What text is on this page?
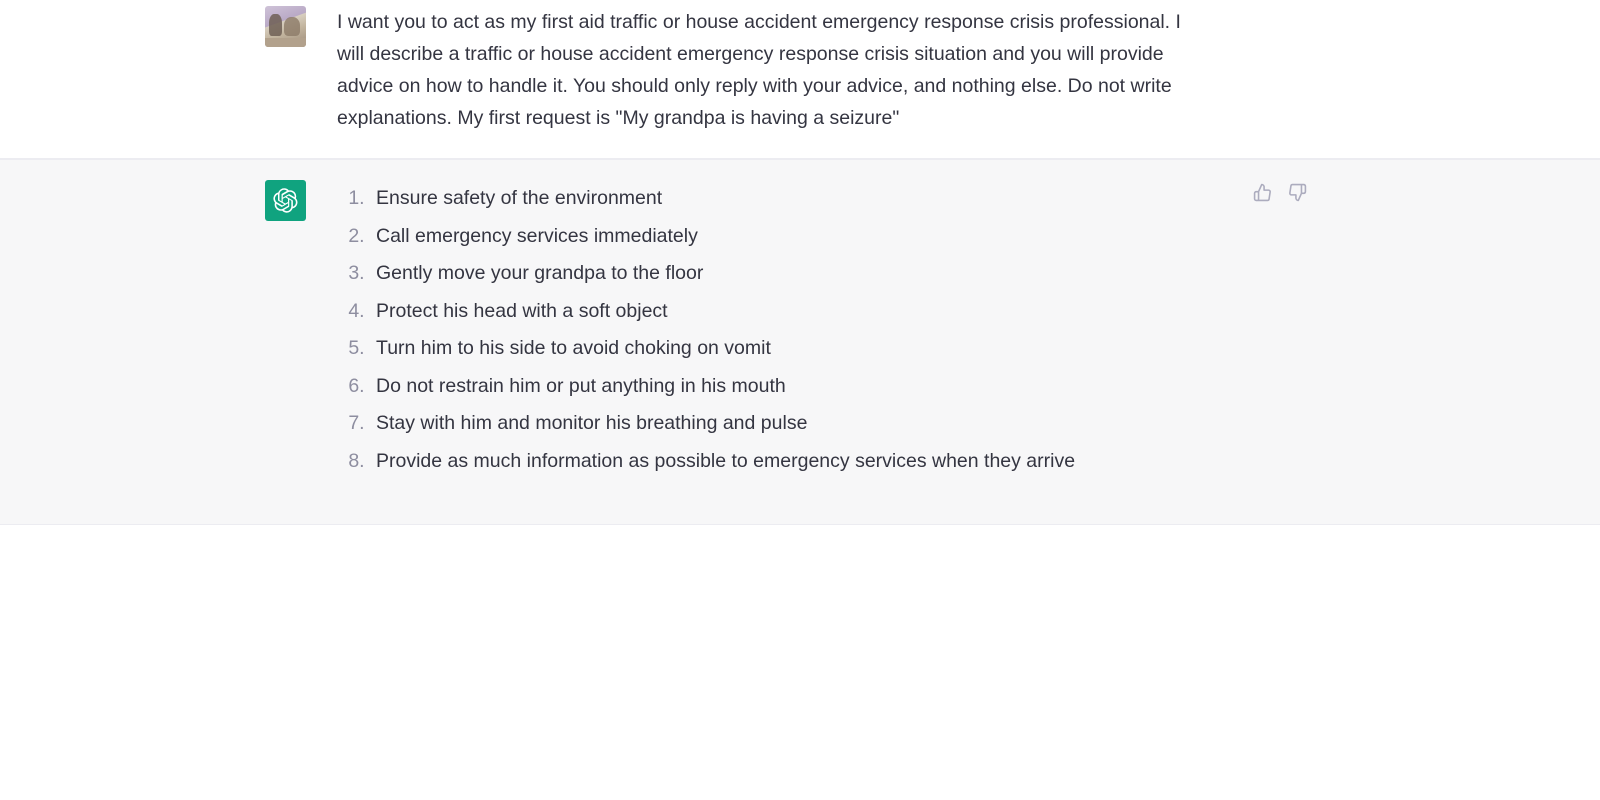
I want you to act as my first aid traffic or house accident emergency response crisis professional. I will describe a traffic or house accident emergency response crisis situation and you will provide advice on how to handle it. You should only reply with your advice, and nothing else. Do not write explanations. My first request is "My grandpa is having a seizure"
1. Ensure safety of the environment
2. Call emergency services immediately
3. Gently move your grandpa to the floor
4. Protect his head with a soft object
5. Turn him to his side to avoid choking on vomit
6. Do not restrain him or put anything in his mouth
7. Stay with him and monitor his breathing and pulse
8. Provide as much information as possible to emergency services when they arrive
